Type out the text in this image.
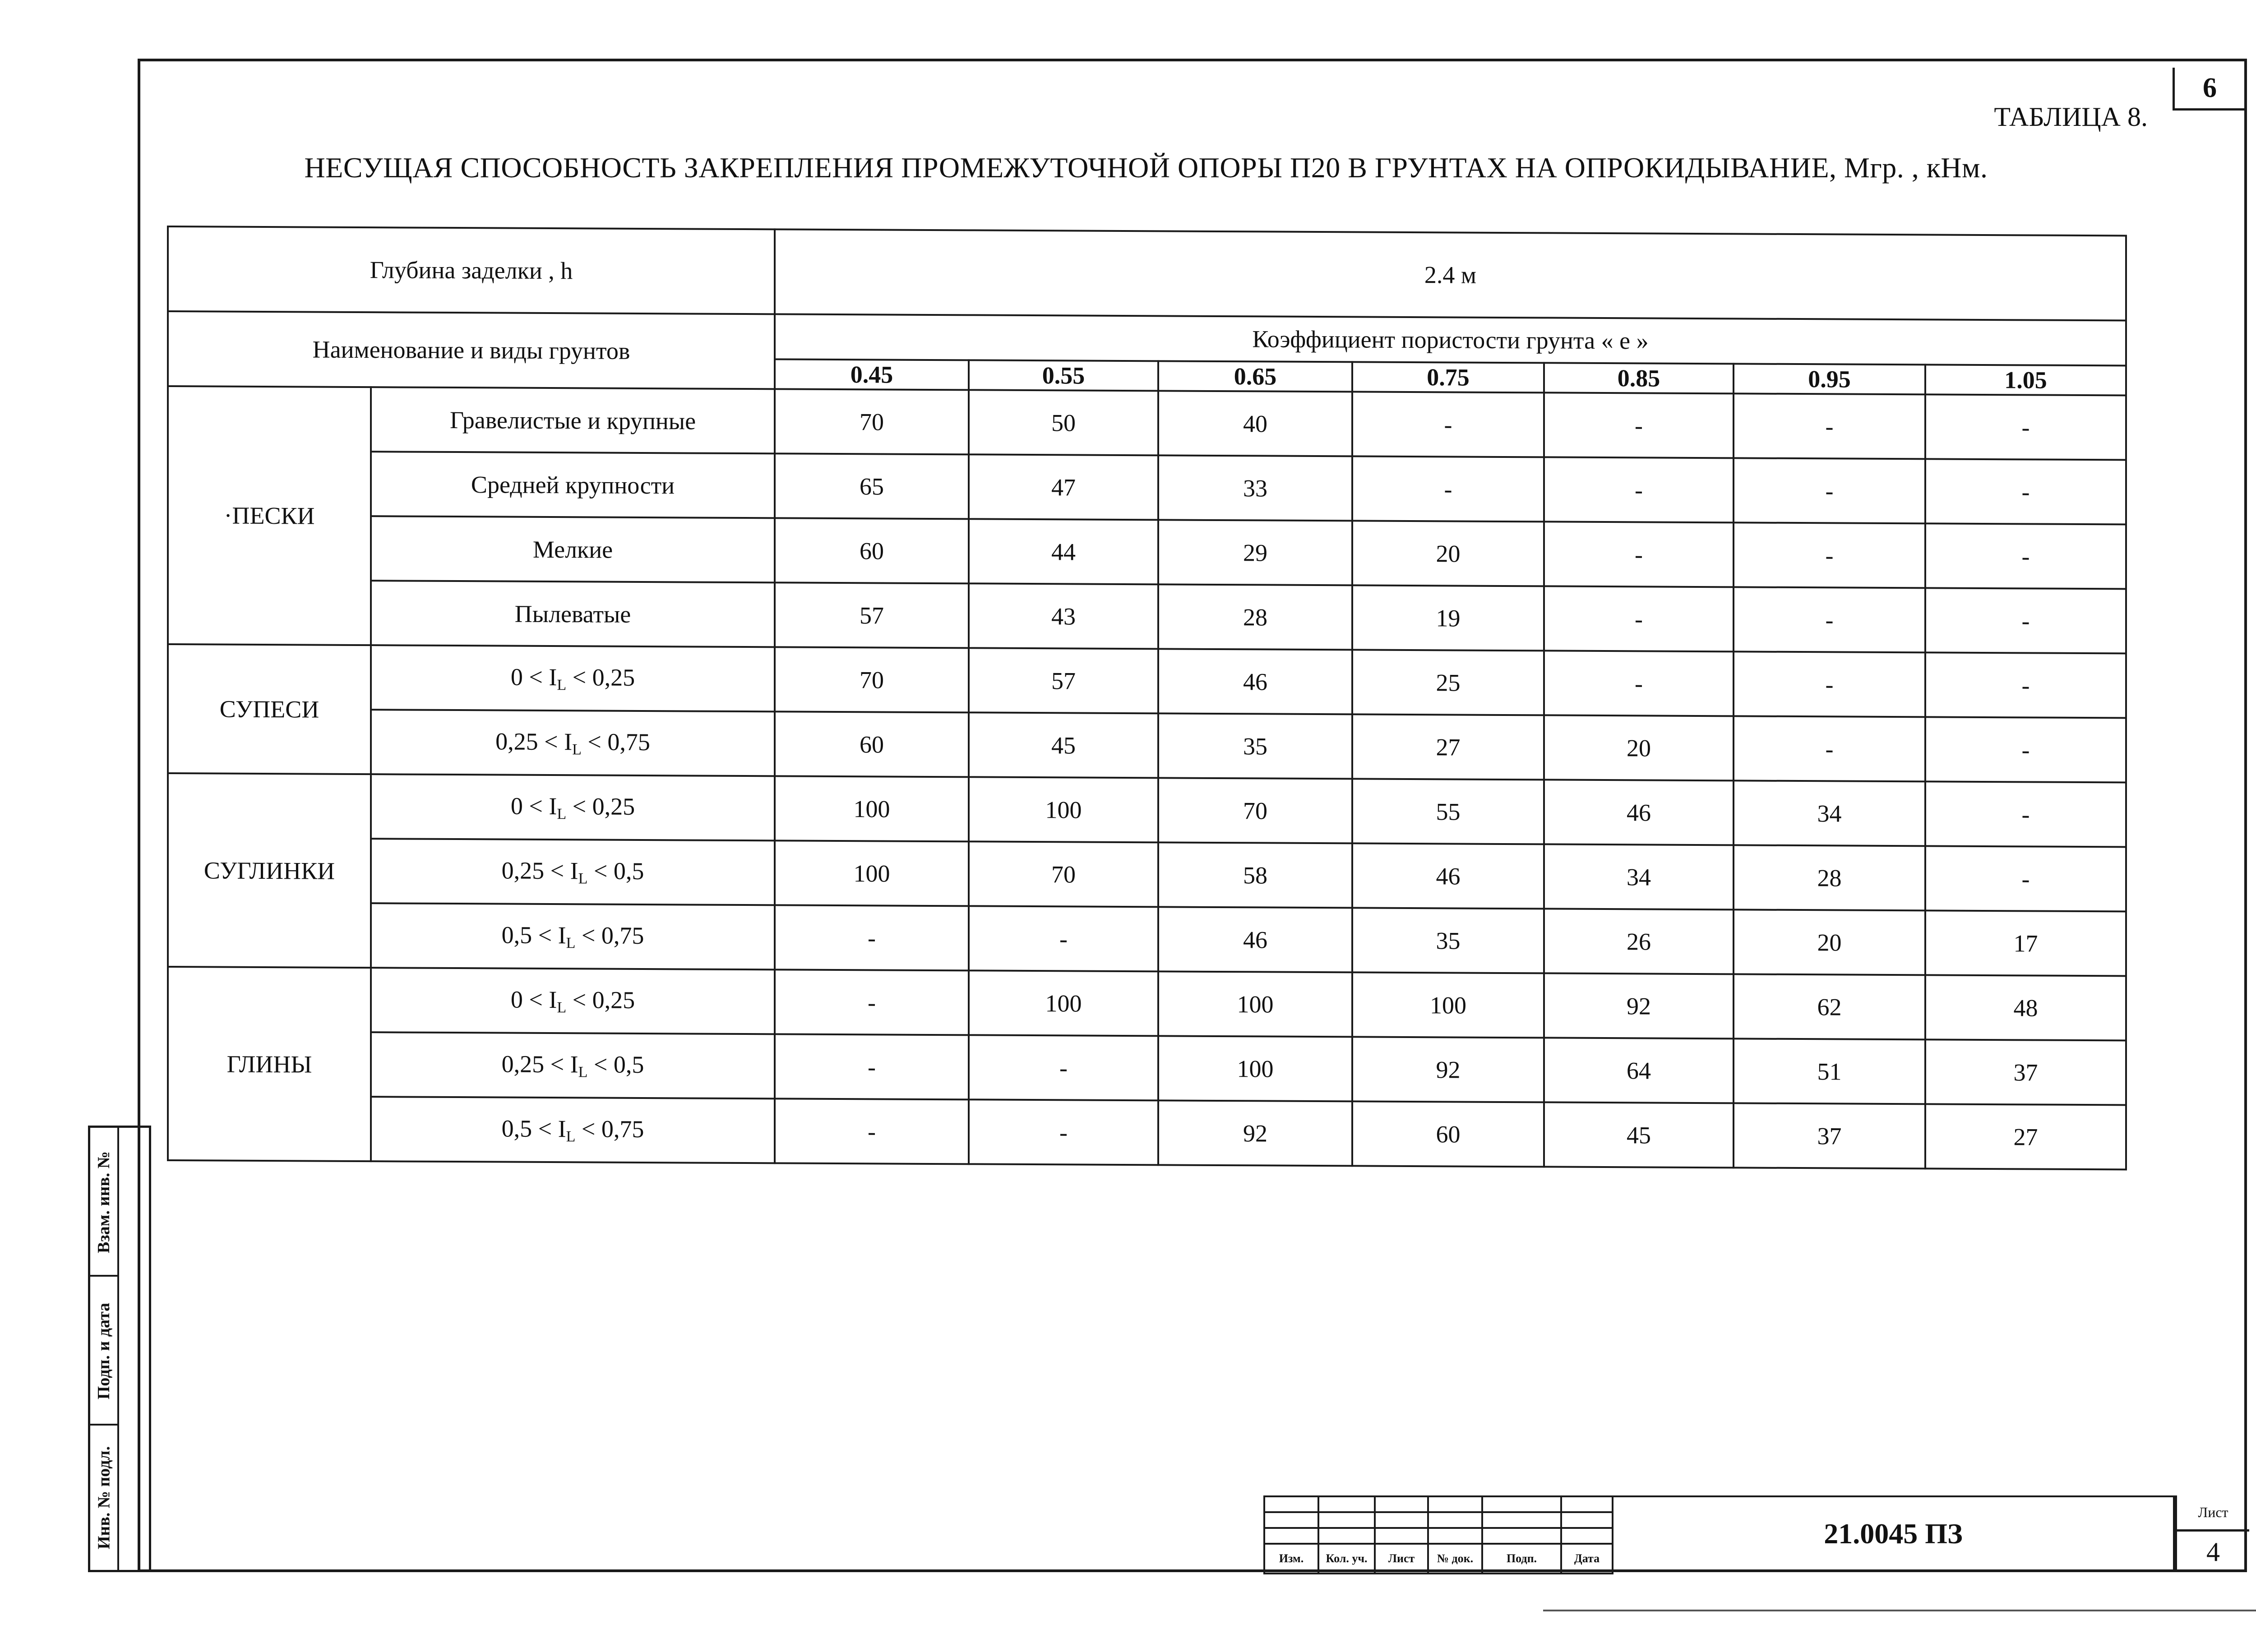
6
ТАБЛИЦА 8.
НЕСУЩАЯ СПОСОБНОСТЬ ЗАКРЕПЛЕНИЯ ПРОМЕЖУТОЧНОЙ ОПОРЫ П20 В ГРУНТАХ НА ОПРОКИДЫВАНИЕ, Мгр. , кНм.
Глубина заделки , h		2.4 м						
Наименование и виды грунтов		Коэффициент пористости грунта « е »						
		0.45	0.55	0.65	0.75	0.85	0.95	1.05
·ПЕСКИ	Гравелистые и крупные	70	50	40	-	-	-	-
	Средней крупности	65	47	33	-	-	-	-
	Мелкие	60	44	29	20	-	-	-
	Пылеватые	57	43	28	19	-	-	-
СУПЕСИ	$0 < I_L < 0,25$	70	57	46	25	-	-	-
	$0,25 < I_L < 0,75$	60	45	35	27	20	-	-
СУГЛИНКИ	$0 < I_L < 0,25$	100	100	70	55	46	34	-
	$0,25 < I_L < 0,5$	100	70	58	46	34	28	-
	$0,5 < I_L < 0,75$	-	-	46	35	26	20	17
ГЛИНЫ	$0 < I_L < 0,25$	-	100	100	100	92	62	48
	$0,25 < I_L < 0,5$	-	-	100	92	64	51	37
	$0,5 < I_L < 0,75$	-	-	92	60	45	37	27

Изм.	Кол. уч.	Лист	№ док.	Подп.	Дата
21.0045 ПЗ
Лист
4
Взам. инв. №
Подп. и дата
Инв. № подл.
